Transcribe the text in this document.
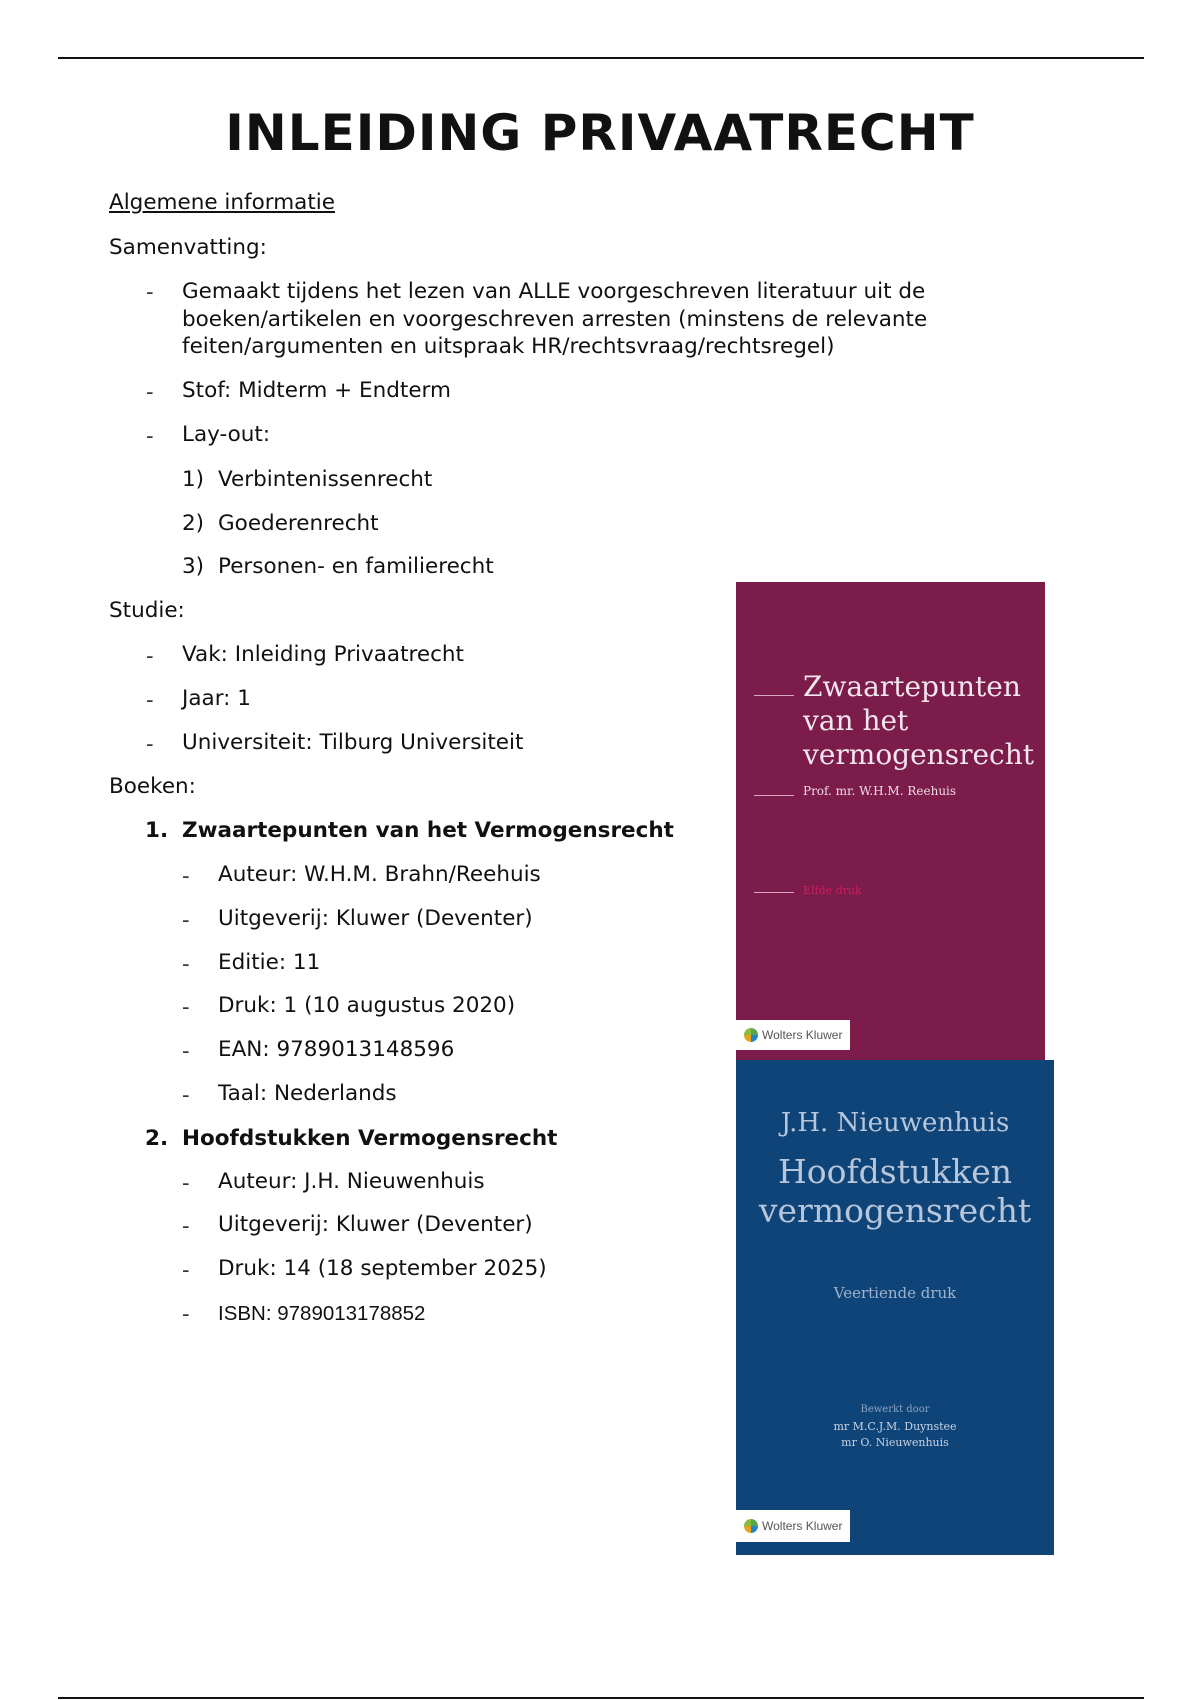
INLEIDING PRIVAATRECHT
Algemene informatie
Samenvatting:
- Gemaakt tijdens het lezen van ALLE voorgeschreven literatuur uit de
boeken/artikelen en voorgeschreven arresten (minstens de relevante
feiten/argumenten en uitspraak HR/rechtsvraag/rechtsregel)
- Stof: Midterm + Endterm
- Lay-out:
1) Verbintenissenrecht
2) Goederenrecht
3) Personen- en familierecht
Studie:
- Vak: Inleiding Privaatrecht
- Jaar: 1
- Universiteit: Tilburg Universiteit
Boeken:
1. Zwaartepunten van het Vermogensrecht
- Auteur: W.H.M. Brahn/Reehuis
- Uitgeverij: Kluwer (Deventer)
- Editie: 11
- Druk: 1 (10 augustus 2020)
- EAN: 9789013148596
- Taal: Nederlands
2. Hoofdstukken Vermogensrecht
- Auteur: J.H. Nieuwenhuis
- Uitgeverij: Kluwer (Deventer)
- Druk: 14 (18 september 2025)
- ISBN: 9789013178852
Zwaartepunten
van het
vermogensrecht
Prof. mr. W.H.M. Reehuis
Elfde druk
Wolters Kluwer
J.H. Nieuwenhuis
Hoofdstukken
vermogensrecht
Veertiende druk
Bewerkt door
mr M.C.J.M. Duynstee
mr O. Nieuwenhuis
Wolters Kluwer
